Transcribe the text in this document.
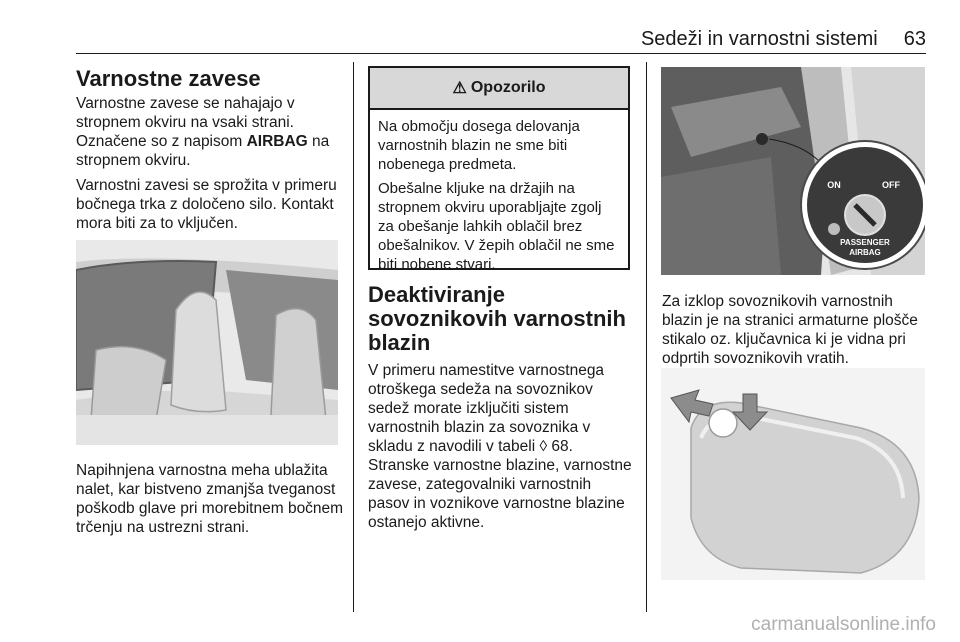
Sedeži in varnostni sistemi 63
Varnostne zavese

Varnostne zavese se nahajajo v stropnem okviru na vsaki strani. Označene so z napisom AIRBAG na stropnem okviru.

Varnostni zavesi se sprožita v primeru bočnega trka z določeno silo. Kontakt mora biti za to vključen.

Napihnjena varnostna meha ublažita nalet, kar bistveno zmanjša tveganost poškodb glave pri morebitnem bočnem trčenju na ustrezni strani.

⚠ Opozorilo

Na območju dosega delovanja varnostnih blazin ne sme biti nobenega predmeta.

Obešalne kljuke na držajih na stropnem okviru uporabljajte zgolj za obešanje lahkih oblačil brez obešalnikov. V žepih oblačil ne sme biti nobene stvari.

Deaktiviranje sovoznikovih varnostnih blazin

V primeru namestitve varnostnega otroškega sedeža na sovoznikov sedež morate izključiti sistem varnostnih blazin za sovoznika v skladu z navodili v tabeli ◊ 68. Stranske varnostne blazine, varnostne zavese, zategovalniki varnostnih pasov in voznikove varnostne blazine ostanejo aktivne.

ON	OFF
PASSENGER
AIRBAG

Za izklop sovoznikovih varnostnih blazin je na stranici armaturne plošče stikalo oz. ključavnica ki je vidna pri odprtih sovoznikovih vratih.

carmanualsonline.info
